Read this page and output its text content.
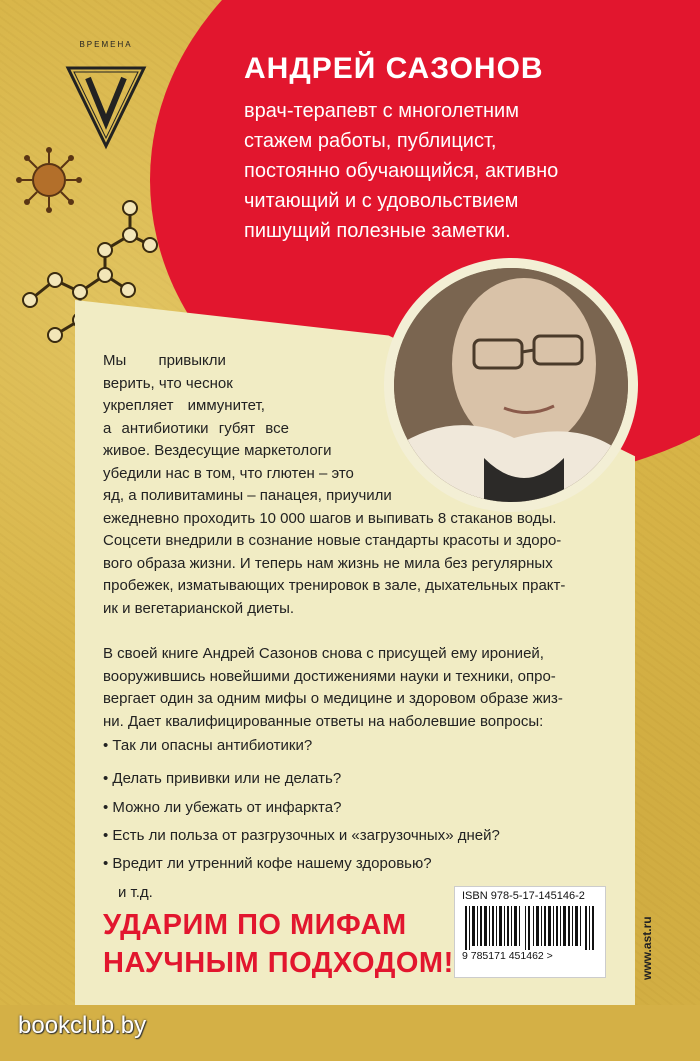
ВРЕМЕНА
АНДРЕЙ САЗОНОВ
врач-терапевт с многолетним
стажем работы, публицист,
постоянно обучающийся, активно
читающий и с удовольствием
пишущий полезные заметки.
Мы привыкли
верить, что чеснок
укрепляет иммунитет,
а антибиотики губят все
живое. Вездесущие маркетологи
убедили нас в том, что глютен – это
яд, а поливитамины – панацея, приучили
ежедневно проходить 10 000 шагов и выпивать 8 стаканов воды.
Соцсети внедрили в сознание новые стандарты красоты и здоро-
вого образа жизни. И теперь нам жизнь не мила без регулярных
пробежек, изматывающих тренировок в зале, дыхательных практ-
ик и вегетарианской диеты.
В своей книге Андрей Сазонов снова с присущей ему иронией,
вооружившись новейшими достижениями науки и техники, опро-
вергает один за одним мифы о медицине и здоровом образе жиз-
ни. Дает квалифицированные ответы на наболевшие вопросы:
• Так ли опасны антибиотики?
• Делать прививки или не делать?
• Можно ли убежать от инфаркта?
• Есть ли польза от разгрузочных и «загрузочных» дней?
• Вредит ли утренний кофе нашему здоровью?
и т.д.
УДАРИМ ПО МИФАМ
НАУЧНЫМ ПОДХОДОМ!
ISBN 978-5-17-145146-2
9 785171 451462 >	www.ast.ru
bookclub.by
